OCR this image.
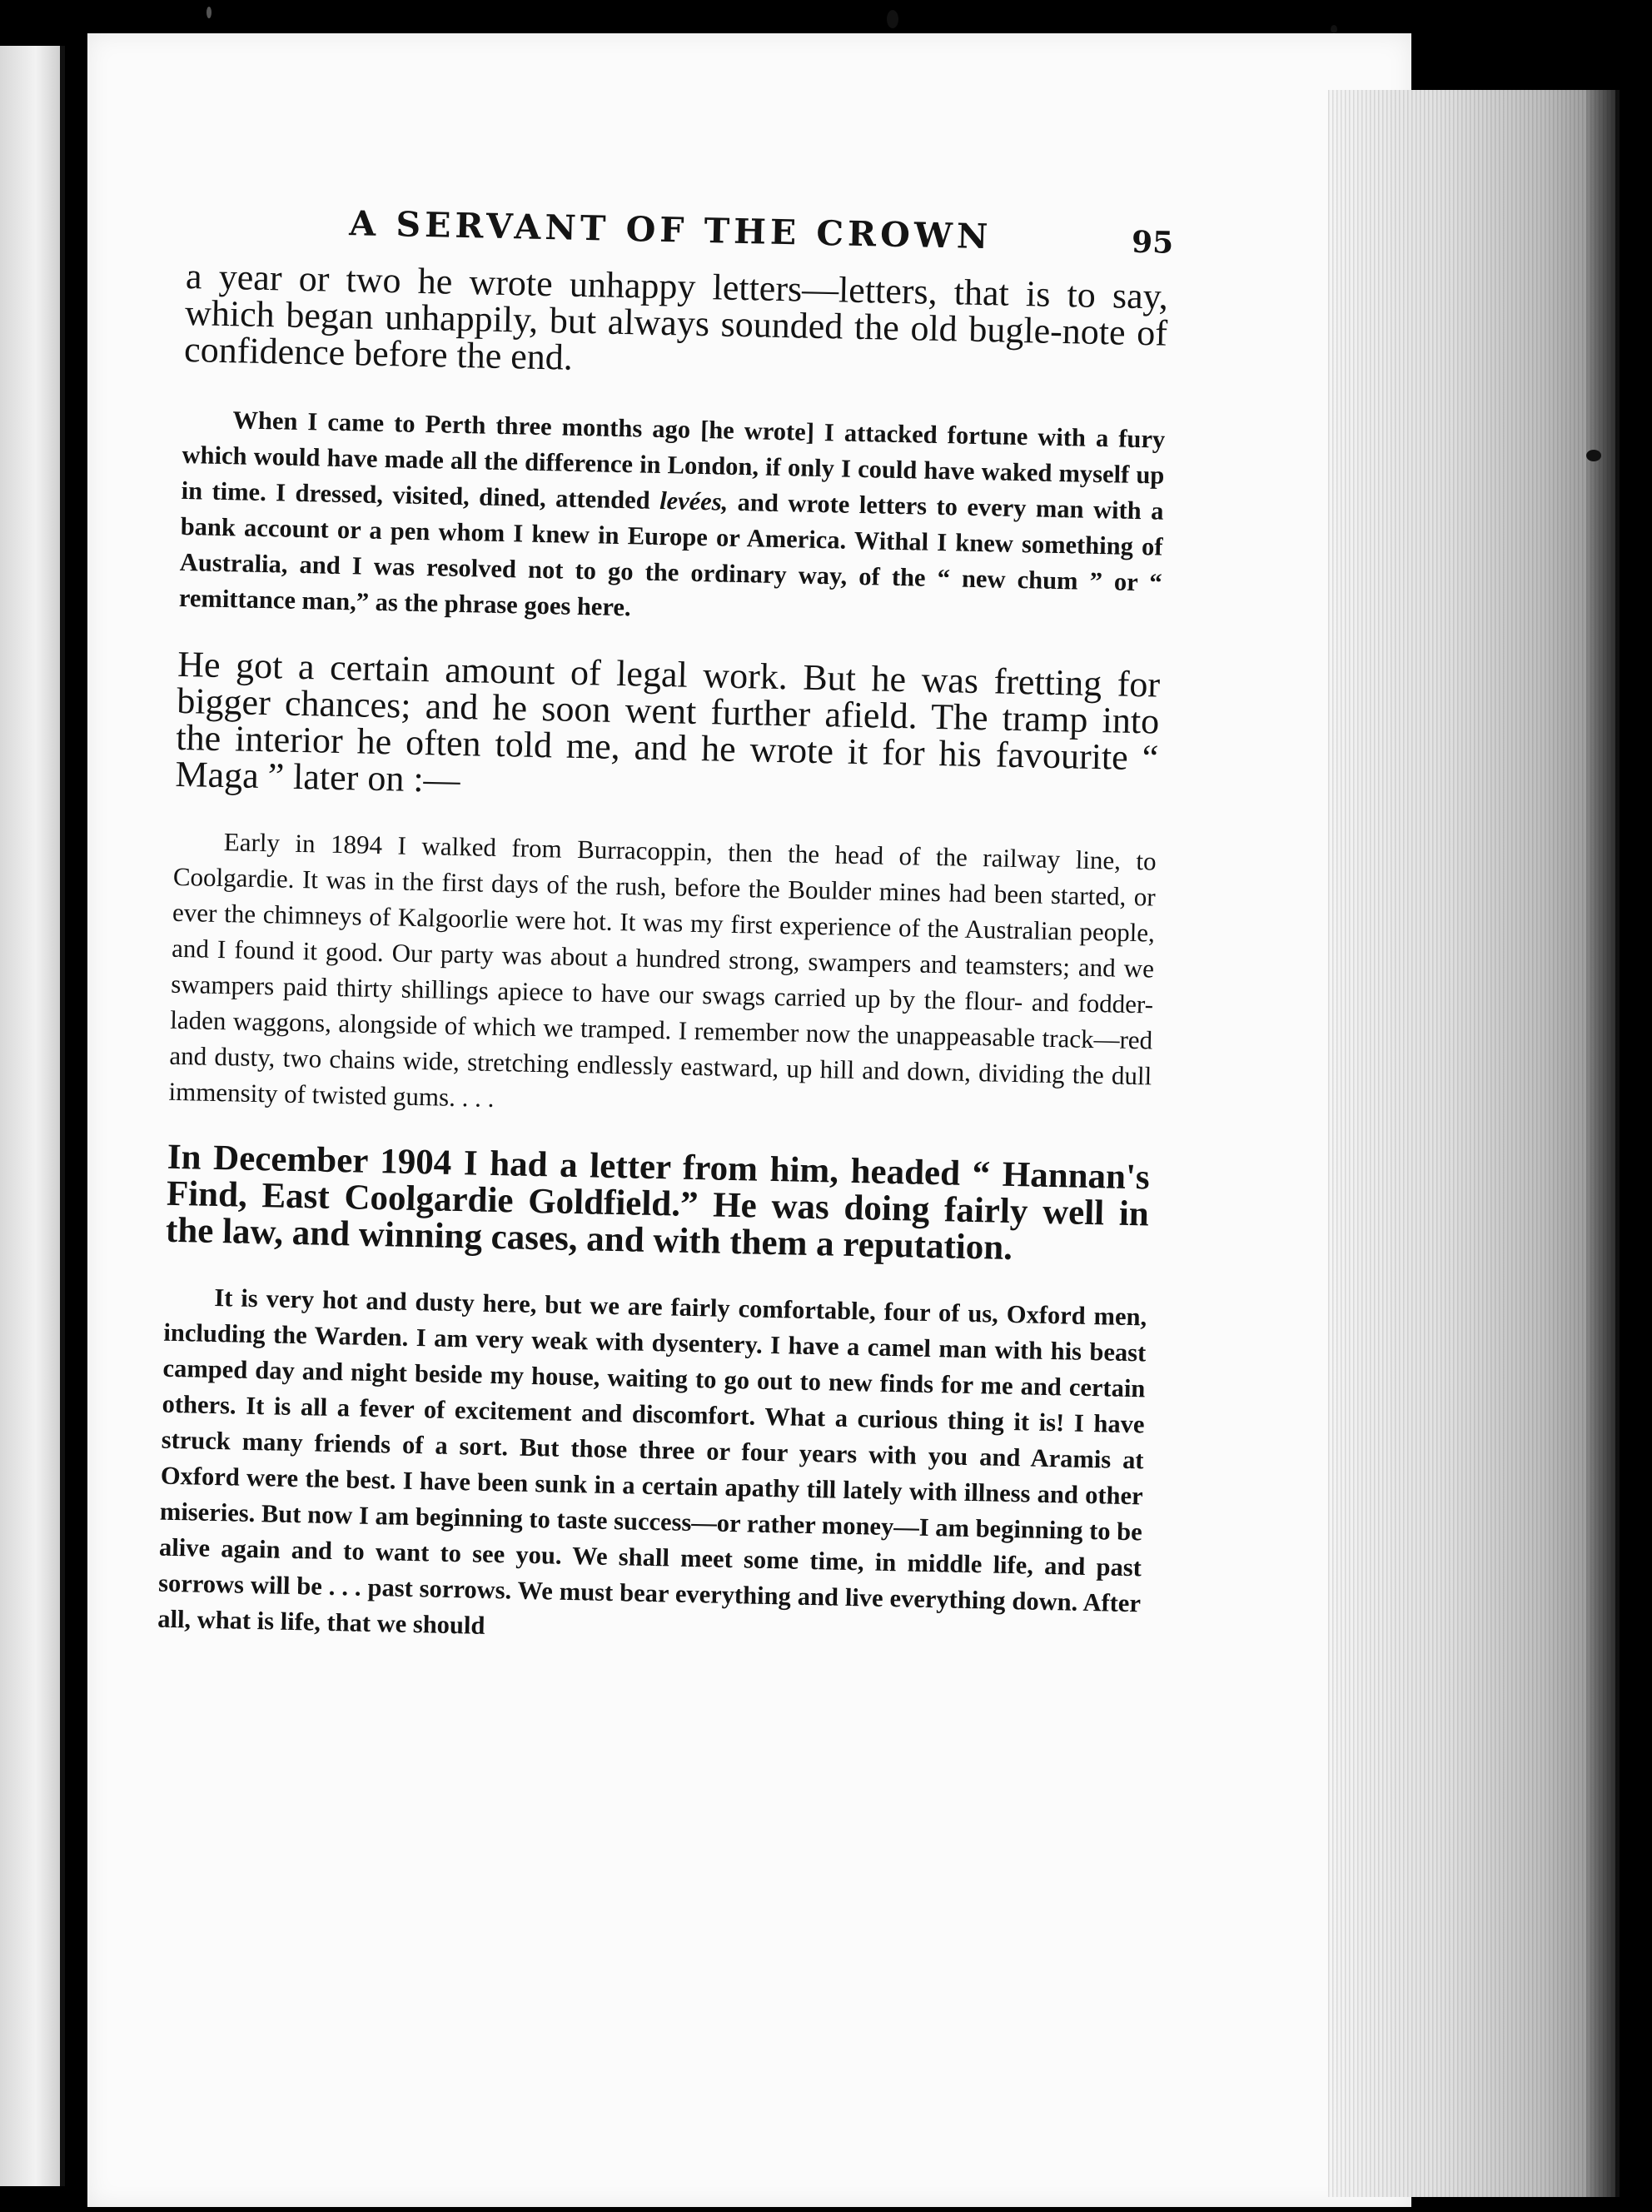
A SERVANT OF THE CROWN	95

a year or two he wrote unhappy letters—letters, that is to say, which began unhappily, but always sounded the old bugle-note of confidence before the end.

When I came to Perth three months ago [he wrote] I attacked fortune with a fury which would have made all the difference in London, if only I could have waked myself up in time. I dressed, visited, dined, attended levées, and wrote letters to every man with a bank account or a pen whom I knew in Europe or America. Withal I knew something of Australia, and I was resolved not to go the ordinary way, of the “ new chum ” or “ remittance man,” as the phrase goes here.

He got a certain amount of legal work. But he was fretting for bigger chances; and he soon went further afield. The tramp into the interior he often told me, and he wrote it for his favourite “ Maga ” later on :—

Early in 1894 I walked from Burracoppin, then the head of the railway line, to Coolgardie. It was in the first days of the rush, before the Boulder mines had been started, or ever the chimneys of Kalgoorlie were hot. It was my first experience of the Australian people, and I found it good. Our party was about a hundred strong, swampers and teamsters; and we swampers paid thirty shillings apiece to have our swags carried up by the flour- and fodder-laden waggons, alongside of which we tramped. I remember now the unappeasable track—red and dusty, two chains wide, stretching endlessly eastward, up hill and down, dividing the dull immensity of twisted gums. . . .

In December 1904 I had a letter from him, headed “ Hannan's Find, East Coolgardie Goldfield.” He was doing fairly well in the law, and winning cases, and with them a reputation.

It is very hot and dusty here, but we are fairly comfortable, four of us, Oxford men, including the Warden. I am very weak with dysentery. I have a camel man with his beast camped day and night beside my house, waiting to go out to new finds for me and certain others. It is all a fever of excitement and discomfort. What a curious thing it is! I have struck many friends of a sort. But those three or four years with you and Aramis at Oxford were the best. I have been sunk in a certain apathy till lately with illness and other miseries. But now I am beginning to taste success—or rather money—I am beginning to be alive again and to want to see you. We shall meet some time, in middle life, and past sorrows will be . . . past sorrows. We must bear everything and live everything down. After all, what is life, that we should
